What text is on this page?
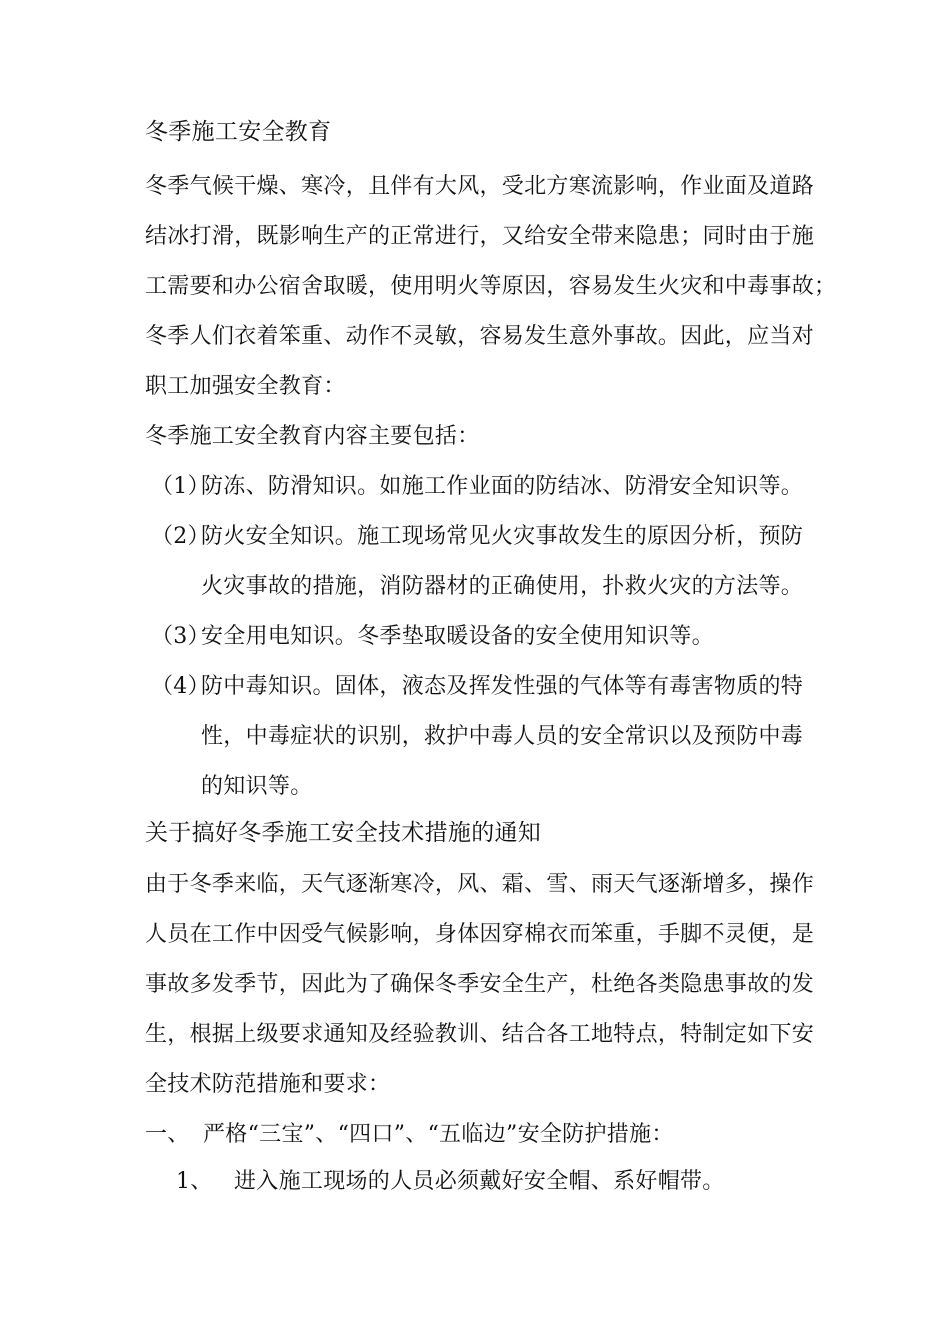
冬季施工安全教育
冬季气候干燥、寒冷，且伴有大风，受北方寒流影响，作业面及道路
结冰打滑，既影响生产的正常进行，又给安全带来隐患；同时由于施
工需要和办公宿舍取暖，使用明火等原因，容易发生火灾和中毒事故；
冬季人们衣着笨重、动作不灵敏，容易发生意外事故。因此，应当对
职工加强安全教育：
冬季施工安全教育内容主要包括：
（1）防冻、防滑知识。如施工作业面的防结冰、防滑安全知识等。
（2）防火安全知识。施工现场常见火灾事故发生的原因分析，预防
火灾事故的措施，消防器材的正确使用，扑救火灾的方法等。
（3）安全用电知识。冬季垫取暖设备的安全使用知识等。
（4）防中毒知识。固体，液态及挥发性强的气体等有毒害物质的特
性，中毒症状的识别，救护中毒人员的安全常识以及预防中毒
的知识等。
关于搞好冬季施工安全技术措施的通知
由于冬季来临，天气逐渐寒冷，风、霜、雪、雨天气逐渐增多，操作
人员在工作中因受气候影响，身体因穿棉衣而笨重，手脚不灵便，是
事故多发季节，因此为了确保冬季安全生产，杜绝各类隐患事故的发
生，根据上级要求通知及经验教训、结合各工地特点，特制定如下安
全技术防范措施和要求：
一、 严格“三宝”、“四口”、“五临边”安全防护措施：
1、 进入施工现场的人员必须戴好安全帽、系好帽带。
